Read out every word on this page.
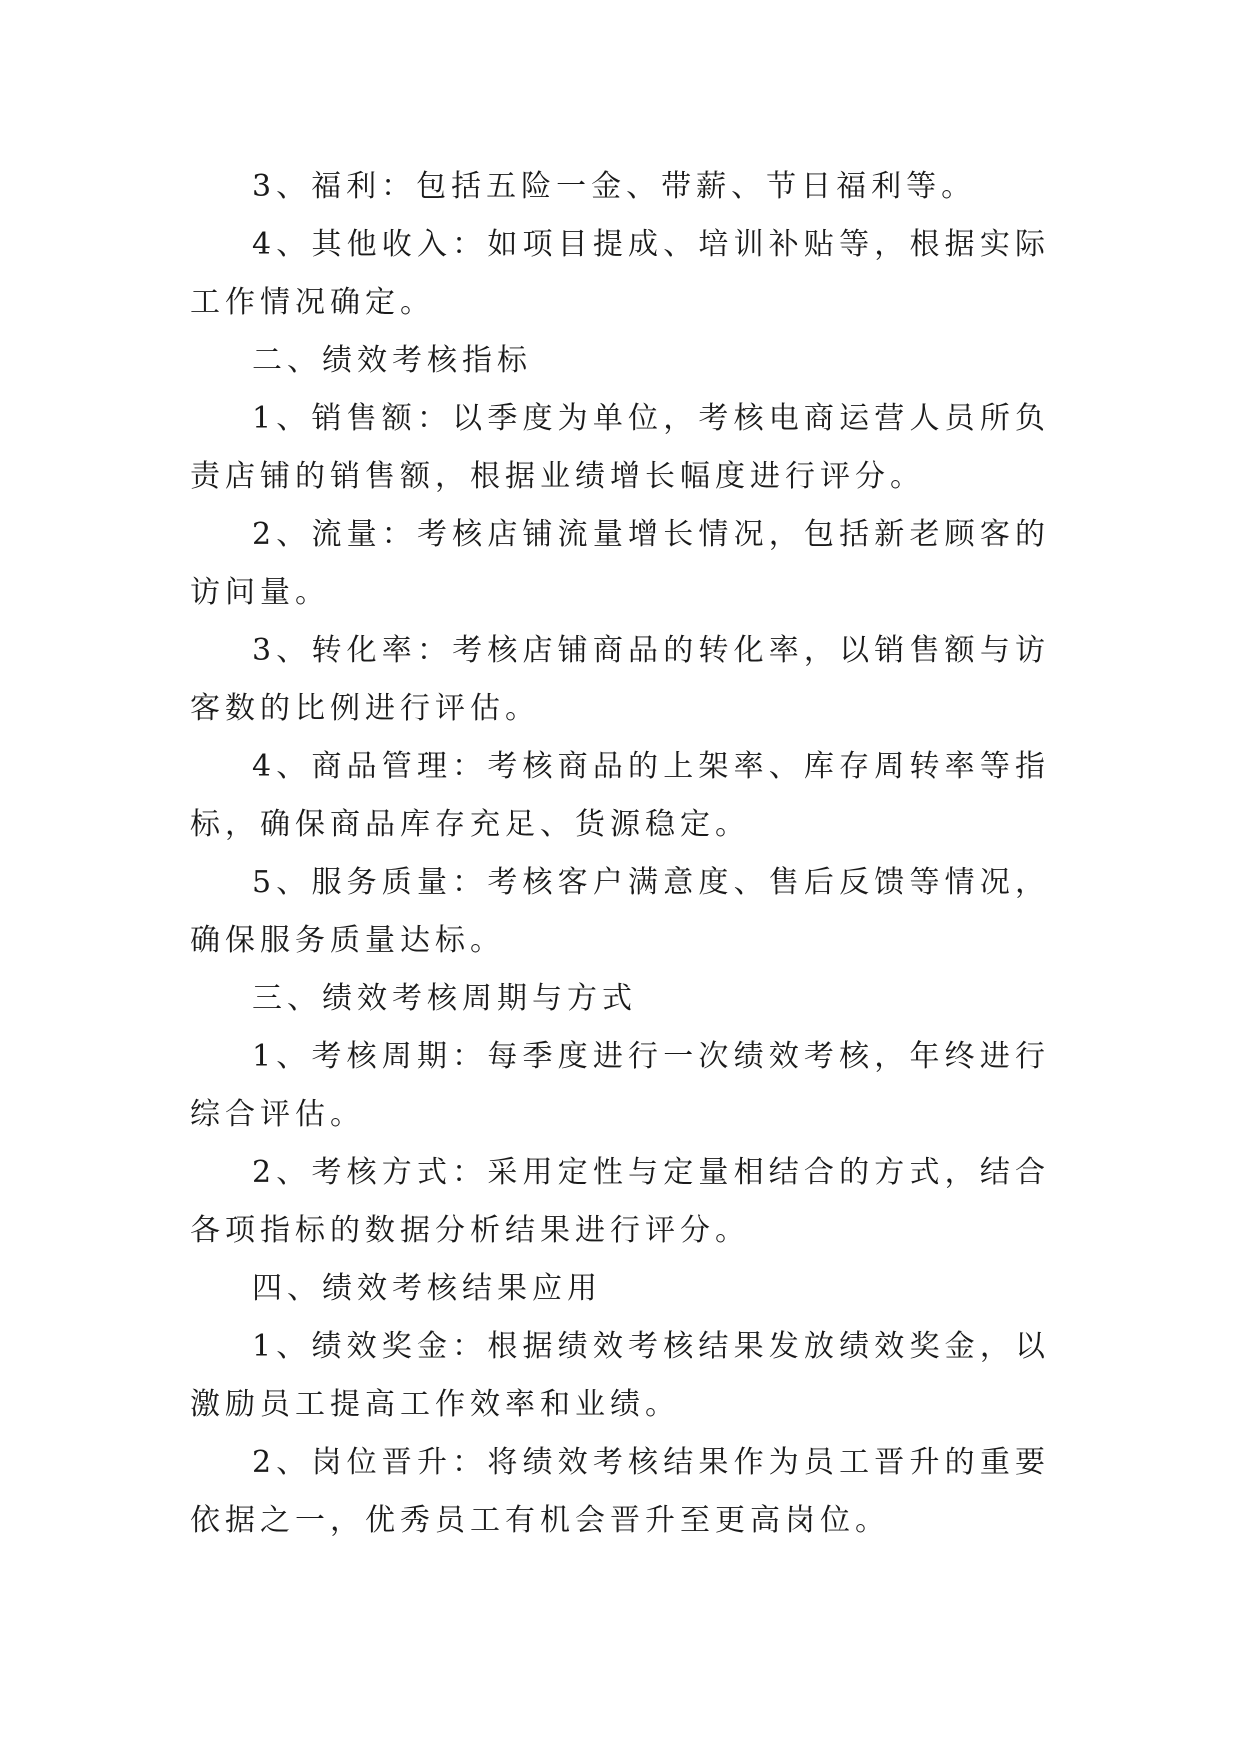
3、福利：包括五险一金、带薪、节日福利等。

4、其他收入：如项目提成、培训补贴等，根据实际工作情况确定。

二、绩效考核指标

1、销售额：以季度为单位，考核电商运营人员所负责店铺的销售额，根据业绩增长幅度进行评分。

2、流量：考核店铺流量增长情况，包括新老顾客的访问量。

3、转化率：考核店铺商品的转化率，以销售额与访客数的比例进行评估。

4、商品管理：考核商品的上架率、库存周转率等指标，确保商品库存充足、货源稳定。

5、服务质量：考核客户满意度、售后反馈等情况，确保服务质量达标。

三、绩效考核周期与方式

1、考核周期：每季度进行一次绩效考核，年终进行综合评估。

2、考核方式：采用定性与定量相结合的方式，结合各项指标的数据分析结果进行评分。

四、绩效考核结果应用

1、绩效奖金：根据绩效考核结果发放绩效奖金，以激励员工提高工作效率和业绩。

2、岗位晋升：将绩效考核结果作为员工晋升的重要依据之一，优秀员工有机会晋升至更高岗位。
